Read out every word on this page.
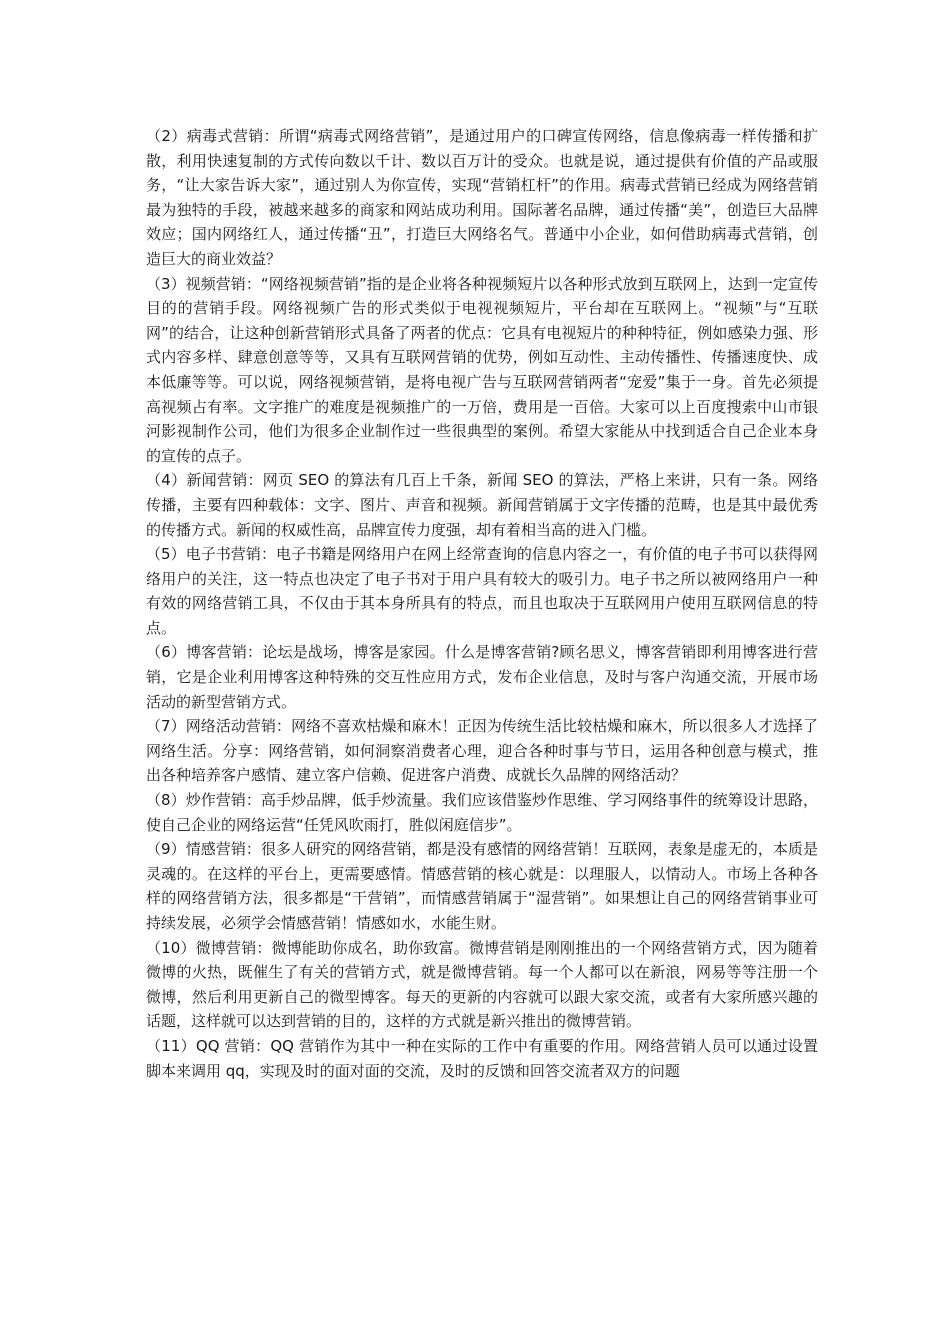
（2）病毒式营销：所谓“病毒式网络营销”，是通过用户的口碑宣传网络，信息像病毒一样传播和扩散，利用快速复制的方式传向数以千计、数以百万计的受众。也就是说，通过提供有价值的产品或服务，“让大家告诉大家”，通过别人为你宣传，实现“营销杠杆”的作用。病毒式营销已经成为网络营销最为独特的手段，被越来越多的商家和网站成功利用。国际著名品牌，通过传播“美”，创造巨大品牌效应；国内网络红人，通过传播“丑”，打造巨大网络名气。普通中小企业，如何借助病毒式营销，创造巨大的商业效益？

（3）视频营销：“网络视频营销”指的是企业将各种视频短片以各种形式放到互联网上，达到一定宣传目的的营销手段。网络视频广告的形式类似于电视视频短片，平台却在互联网上。“视频”与“互联网”的结合，让这种创新营销形式具备了两者的优点：它具有电视短片的种种特征，例如感染力强、形式内容多样、肆意创意等等，又具有互联网营销的优势，例如互动性、主动传播性、传播速度快、成本低廉等等。可以说，网络视频营销，是将电视广告与互联网营销两者“宠爱”集于一身。首先必须提高视频占有率。文字推广的难度是视频推广的一万倍，费用是一百倍。大家可以上百度搜索中山市银河影视制作公司，他们为很多企业制作过一些很典型的案例。希望大家能从中找到适合自己企业本身的宣传的点子。

（4）新闻营销：网页 SEO 的算法有几百上千条，新闻 SEO 的算法，严格上来讲，只有一条。网络传播，主要有四种载体：文字、图片、声音和视频。新闻营销属于文字传播的范畴，也是其中最优秀的传播方式。新闻的权威性高，品牌宣传力度强，却有着相当高的进入门槛。

（5）电子书营销：电子书籍是网络用户在网上经常查询的信息内容之一，有价值的电子书可以获得网络用户的关注，这一特点也决定了电子书对于用户具有较大的吸引力。电子书之所以被网络用户一种有效的网络营销工具，不仅由于其本身所具有的特点，而且也取决于互联网用户使用互联网信息的特点。

（6）博客营销：论坛是战场，博客是家园。什么是博客营销?顾名思义，博客营销即利用博客进行营销，它是企业利用博客这种特殊的交互性应用方式，发布企业信息，及时与客户沟通交流，开展市场活动的新型营销方式。

（7）网络活动营销：网络不喜欢枯燥和麻木！正因为传统生活比较枯燥和麻木，所以很多人才选择了网络生活。分享：网络营销，如何洞察消费者心理，迎合各种时事与节日，运用各种创意与模式，推出各种培养客户感情、建立客户信赖、促进客户消费、成就长久品牌的网络活动？

（8）炒作营销：高手炒品牌，低手炒流量。我们应该借鉴炒作思维、学习网络事件的统筹设计思路，使自己企业的网络运营“任凭风吹雨打，胜似闲庭信步”。

（9）情感营销：很多人研究的网络营销，都是没有感情的网络营销！互联网，表象是虚无的，本质是灵魂的。在这样的平台上，更需要感情。情感营销的核心就是：以理服人，以情动人。市场上各种各样的网络营销方法，很多都是“干营销”，而情感营销属于“湿营销”。如果想让自己的网络营销事业可持续发展，必须学会情感营销！情感如水，水能生财。

（10）微博营销：微博能助你成名，助你致富。微博营销是刚刚推出的一个网络营销方式，因为随着微博的火热，既催生了有关的营销方式，就是微博营销。每一个人都可以在新浪，网易等等注册一个微博，然后利用更新自己的微型博客。每天的更新的内容就可以跟大家交流，或者有大家所感兴趣的话题，这样就可以达到营销的目的，这样的方式就是新兴推出的微博营销。

（11）QQ 营销：QQ 营销作为其中一种在实际的工作中有重要的作用。网络营销人员可以通过设置脚本来调用 qq，实现及时的面对面的交流，及时的反馈和回答交流者双方的问题
